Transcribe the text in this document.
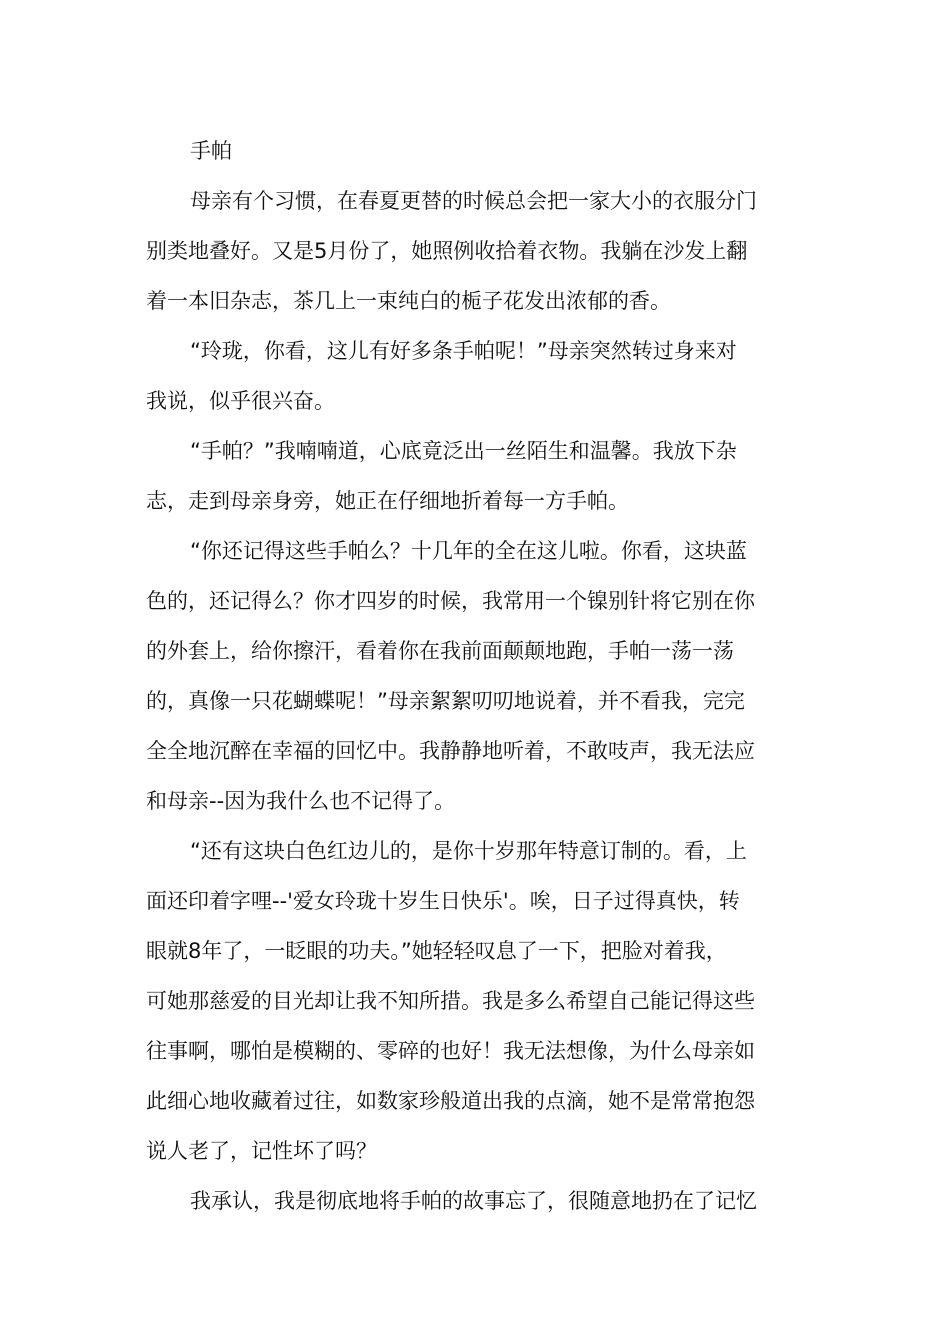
手帕

母亲有个习惯，在春夏更替的时候总会把一家大小的衣服分门

别类地叠好。又是5月份了，她照例收拾着衣物。我躺在沙发上翻

着一本旧杂志，茶几上一束纯白的栀子花发出浓郁的香。

“玲珑，你看，这儿有好多条手帕呢！”母亲突然转过身来对

我说，似乎很兴奋。

“手帕？”我喃喃道，心底竟泛出一丝陌生和温馨。我放下杂

志，走到母亲身旁，她正在仔细地折着每一方手帕。

“你还记得这些手帕么？十几年的全在这儿啦。你看，这块蓝

色的，还记得么？你才四岁的时候，我常用一个镍别针将它别在你

的外套上，给你擦汗，看着你在我前面颠颠地跑，手帕一荡一荡

的，真像一只花蝴蝶呢！”母亲絮絮叨叨地说着，并不看我，完完

全全地沉醉在幸福的回忆中。我静静地听着，不敢吱声，我无法应

和母亲--因为我什么也不记得了。

“还有这块白色红边儿的，是你十岁那年特意订制的。看，上

面还印着字哩--'爱女玲珑十岁生日快乐'。唉，日子过得真快，转

眼就8年了，一眨眼的功夫。”她轻轻叹息了一下，把脸对着我，

可她那慈爱的目光却让我不知所措。我是多么希望自己能记得这些

往事啊，哪怕是模糊的、零碎的也好！我无法想像，为什么母亲如

此细心地收藏着过往，如数家珍般道出我的点滴，她不是常常抱怨

说人老了，记性坏了吗？

我承认，我是彻底地将手帕的故事忘了，很随意地扔在了记忆
